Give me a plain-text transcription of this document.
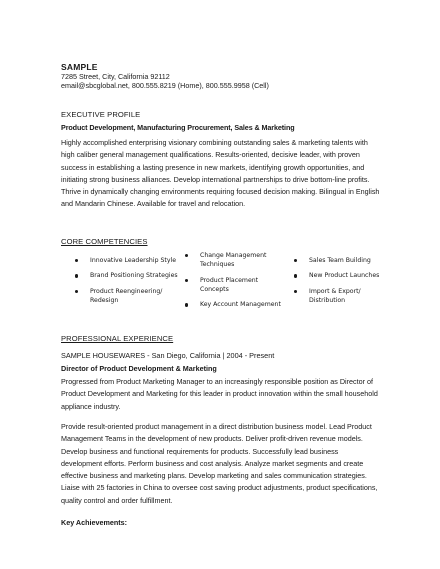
SAMPLE
7285 Street, City, California 92112
email@sbcglobal.net, 800.555.8219 (Home), 800.555.9958 (Cell)
EXECUTIVE PROFILE
Product Development, Manufacturing Procurement, Sales & Marketing
Highly accomplished enterprising visionary combining outstanding sales & marketing talents with
high caliber general management qualifications. Results-oriented, decisive leader, with proven
success in establishing a lasting presence in new markets, identifying growth opportunities, and
initiating strong business alliances. Develop international partnerships to drive bottom-line profits.
Thrive in dynamically changing environments requiring focused decision making. Bilingual in English
and Mandarin Chinese. Available for travel and relocation.
CORE COMPETENCIES
Innovative Leadership Style
Brand Positioning Strategies
Product Reengineering/
Redesign
Change Management
Techniques
Product Placement
Concepts
Key Account Management
Sales Team Building
New Product Launches
Import & Export/
Distribution
PROFESSIONAL EXPERIENCE
SAMPLE HOUSEWARES - San Diego, California | 2004 - Present
Director of Product Development & Marketing
Progressed from Product Marketing Manager to an increasingly responsible position as Director of
Product Development and Marketing for this leader in product innovation within the small household
appliance industry.
Provide result-oriented product management in a direct distribution business model. Lead Product
Management Teams in the development of new products. Deliver profit-driven revenue models.
Develop business and functional requirements for products. Successfully lead business
development efforts. Perform business and cost analysis. Analyze market segments and create
effective business and marketing plans. Develop marketing and sales communication strategies.
Liaise with 25 factories in China to oversee cost saving product adjustments, product specifications,
quality control and order fulfillment.
Key Achievements:
